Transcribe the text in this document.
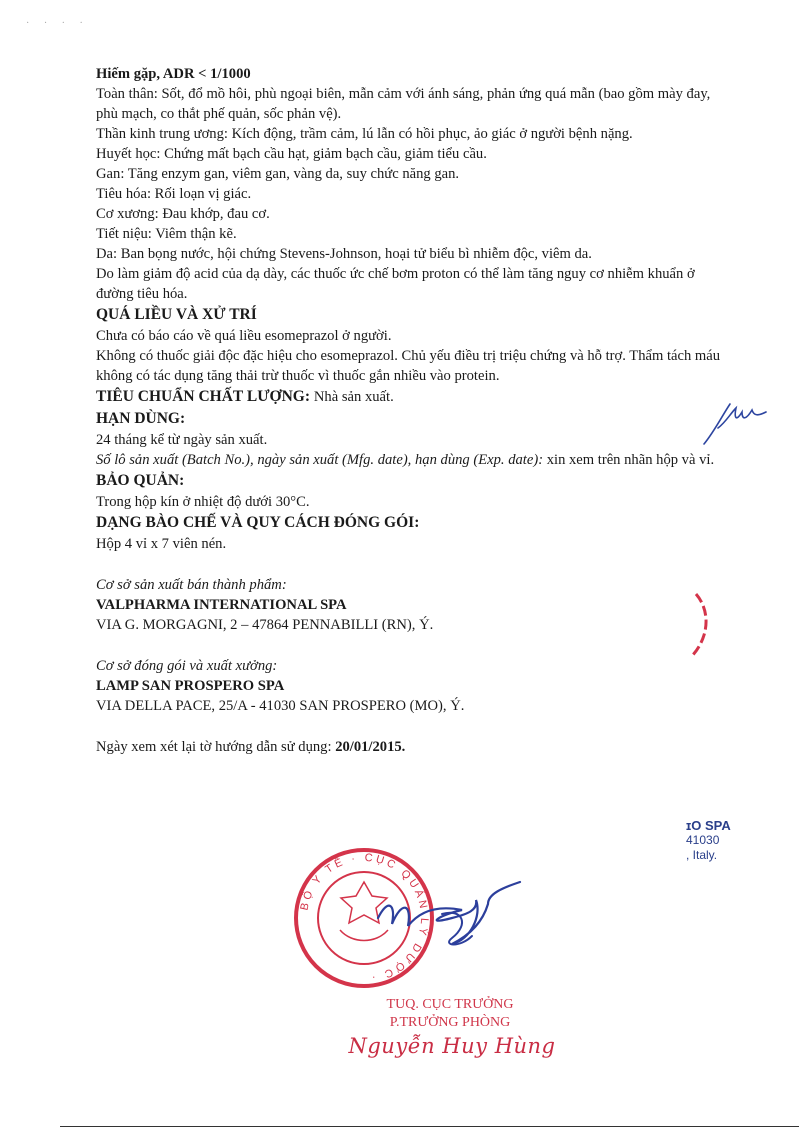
· · · ·

Hiếm gặp, ADR < 1/1000

Toàn thân: Sốt, đổ mồ hôi, phù ngoại biên, mẫn cảm với ánh sáng, phản ứng quá mẫn (bao gồm mày đay, phù mạch, co thắt phế quản, sốc phản vệ).

Thần kinh trung ương: Kích động, trầm cảm, lú lẫn có hồi phục, ảo giác ở người bệnh nặng.

Huyết học: Chứng mất bạch cầu hạt, giảm bạch cầu, giảm tiểu cầu.

Gan: Tăng enzym gan, viêm gan, vàng da, suy chức năng gan.

Tiêu hóa: Rối loạn vị giác.

Cơ xương: Đau khớp, đau cơ.

Tiết niệu: Viêm thận kẽ.

Da: Ban bọng nước, hội chứng Stevens-Johnson, hoại tử biểu bì nhiễm độc, viêm da.

Do làm giảm độ acid của dạ dày, các thuốc ức chế bơm proton có thể làm tăng nguy cơ nhiễm khuẩn ở đường tiêu hóa.

QUÁ LIỀU VÀ XỬ TRÍ

Chưa có báo cáo về quá liều esomeprazol ở người.

Không có thuốc giải độc đặc hiệu cho esomeprazol. Chủ yếu điều trị triệu chứng và hỗ trợ. Thẩm tách máu không có tác dụng tăng thải trừ thuốc vì thuốc gắn nhiều vào protein.

TIÊU CHUẨN CHẤT LƯỢNG: Nhà sản xuất.

HẠN DÙNG:

24 tháng kể từ ngày sản xuất.

Số lô sản xuất (Batch No.), ngày sản xuất (Mfg. date), hạn dùng (Exp. date): xin xem trên nhãn hộp và vỉ.

BẢO QUẢN:

Trong hộp kín ở nhiệt độ dưới 30°C.

DẠNG BÀO CHẾ VÀ QUY CÁCH ĐÓNG GÓI:

Hộp 4 vỉ x 7 viên nén.

Cơ sở sản xuất bán thành phẩm:

VALPHARMA INTERNATIONAL SPA

VIA G. MORGAGNI, 2 – 47864 PENNABILLI (RN), Ý.

Cơ sở đóng gói và xuất xưởng:

LAMP SAN PROSPERO SPA

VIA DELLA PACE, 25/A - 41030 SAN PROSPERO (MO), Ý.

Ngày xem xét lại tờ hướng dẫn sử dụng: 20/01/2015.

ɪO SPA
41030
, Italy.
BỘ Y TẾ · CỤC QUẢN LÝ DƯỢC ·
TUQ. CỤC TRƯỞNG
P.TRƯỞNG PHÒNG
Nguyễn Huy Hùng
